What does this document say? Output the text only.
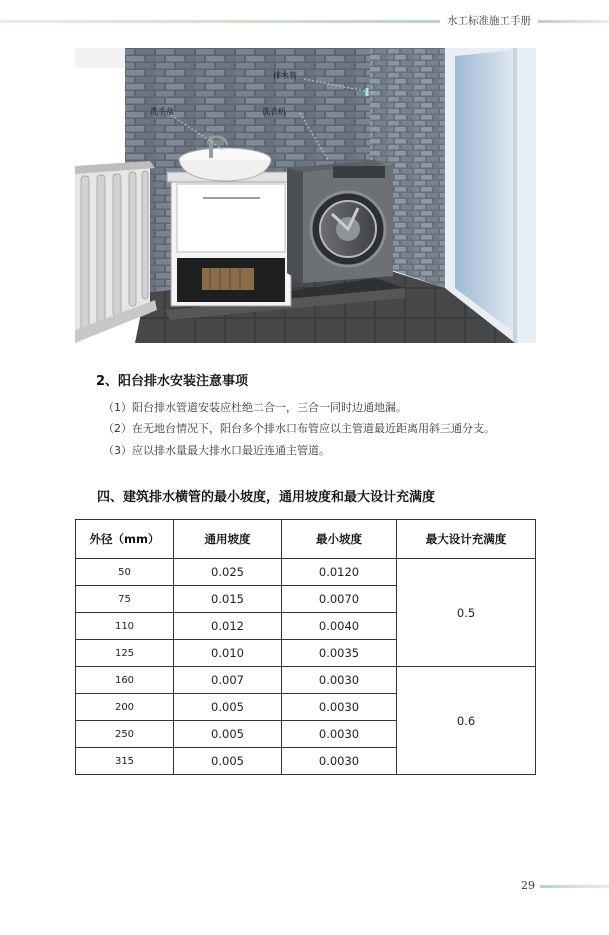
水工标准施工手册
排水管
洗手盆	洗衣机
2、阳台排水安装注意事项
（1）阳台排水管道安装应杜绝二合一，三合一同时边通地漏。
（2）在无地台情况下，阳台多个排水口布管应以主管道最近距离用斜三通分支。
（3）应以排水量最大排水口最近连通主管道。
四、建筑排水横管的最小坡度，通用坡度和最大设计充满度
外径（mm）	通用坡度	最小坡度	最大设计充满度
50	0.025	0.0120	0.5
75	0.015	0.0070	
110	0.012	0.0040	
125	0.010	0.0035	
160	0.007	0.0030	0.6
200	0.005	0.0030	
250	0.005	0.0030	
315	0.005	0.0030	
29
